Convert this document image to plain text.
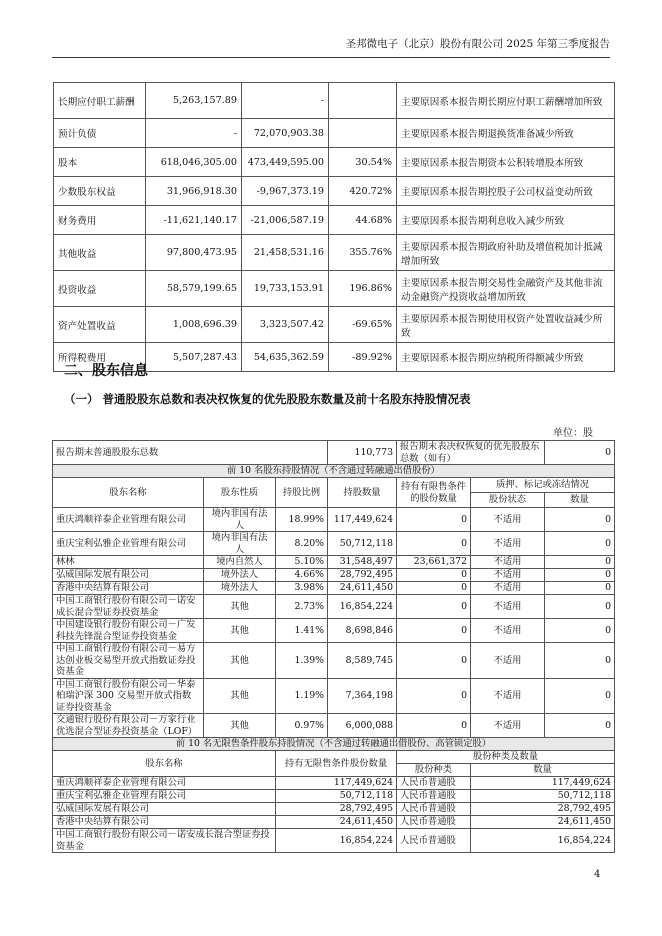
圣邦微电子（北京）股份有限公司 2025 年第三季度报告
长期应付职工薪酬	5,263,157.89	-		主要原因系本报告期长期应付职工薪酬增加所致
预计负债	-	72,070,903.38		主要原因系本报告期退换货准备减少所致
股本	618,046,305.00	473,449,595.00	30.54%	主要原因系本报告期资本公积转增股本所致
少数股东权益	31,966,918.30	-9,967,373.19	420.72%	主要原因系本报告期控股子公司权益变动所致
财务费用	-11,621,140.17	-21,006,587.19	44.68%	主要原因系本报告期利息收入减少所致
其他收益	97,800,473.95	21,458,531.16	355.76%	主要原因系本报告期政府补助及增值税加计抵减增加所致
投资收益	58,579,199.65	19,733,153.91	196.86%	主要原因系本报告期交易性金融资产及其他非流动金融资产投资收益增加所致
资产处置收益	1,008,696.39	3,323,507.42	-69.65%	主要原因系本报告期使用权资产处置收益减少所致
所得税费用	5,507,287.43	54,635,362.59	-89.92%	主要原因系本报告期应纳税所得额减少所致
二、股东信息
（一） 普通股股东总数和表决权恢复的优先股股东数量及前十名股东持股情况表
单位：股
报告期末普通股股东总数			110,773	报告期末表决权恢复的优先股股东总数（如有）		0
前 10 名股东持股情况（不含通过转融通出借股份）						
股东名称	股东性质	持股比例	持股数量	持有有限售条件的股份数量	质押、标记或冻结情况	
					股份状态	数量
重庆鸿顺祥泰企业管理有限公司	境内非国有法人	18.99%	117,449,624	0	不适用	0
重庆宝利弘雅企业管理有限公司	境内非国有法人	8.20%	50,712,118	0	不适用	0
林林	境内自然人	5.10%	31,548,497	23,661,372	不适用	0
弘威国际发展有限公司	境外法人	4.66%	28,792,495	0	不适用	0
香港中央结算有限公司	境外法人	3.98%	24,611,450	0	不适用	0
中国工商银行股份有限公司－诺安成长混合型证券投资基金	其他	2.73%	16,854,224	0	不适用	0
中国建设银行股份有限公司－广发科技先锋混合型证券投资基金	其他	1.41%	8,698,846	0	不适用	0
中国工商银行股份有限公司－易方达创业板交易型开放式指数证券投资基金	其他	1.39%	8,589,745	0	不适用	0
中国工商银行股份有限公司－华泰柏瑞沪深 300 交易型开放式指数证券投资基金	其他	1.19%	7,364,198	0	不适用	0
交通银行股份有限公司－万家行业优选混合型证券投资基金（LOF）	其他	0.97%	6,000,088	0	不适用	0
前 10 名无限售条件股东持股情况（不含通过转融通出借股份、高管锁定股）						
股东名称		持有无限售条件股份数量		股份种类及数量		
				股份种类	数量	
重庆鸿顺祥泰企业管理有限公司		117,449,624		人民币普通股	117,449,624	
重庆宝利弘雅企业管理有限公司		50,712,118		人民币普通股	50,712,118	
弘威国际发展有限公司		28,792,495		人民币普通股	28,792,495	
香港中央结算有限公司		24,611,450		人民币普通股	24,611,450	
中国工商银行股份有限公司－诺安成长混合型证券投资基金		16,854,224		人民币普通股	16,854,224	
4
